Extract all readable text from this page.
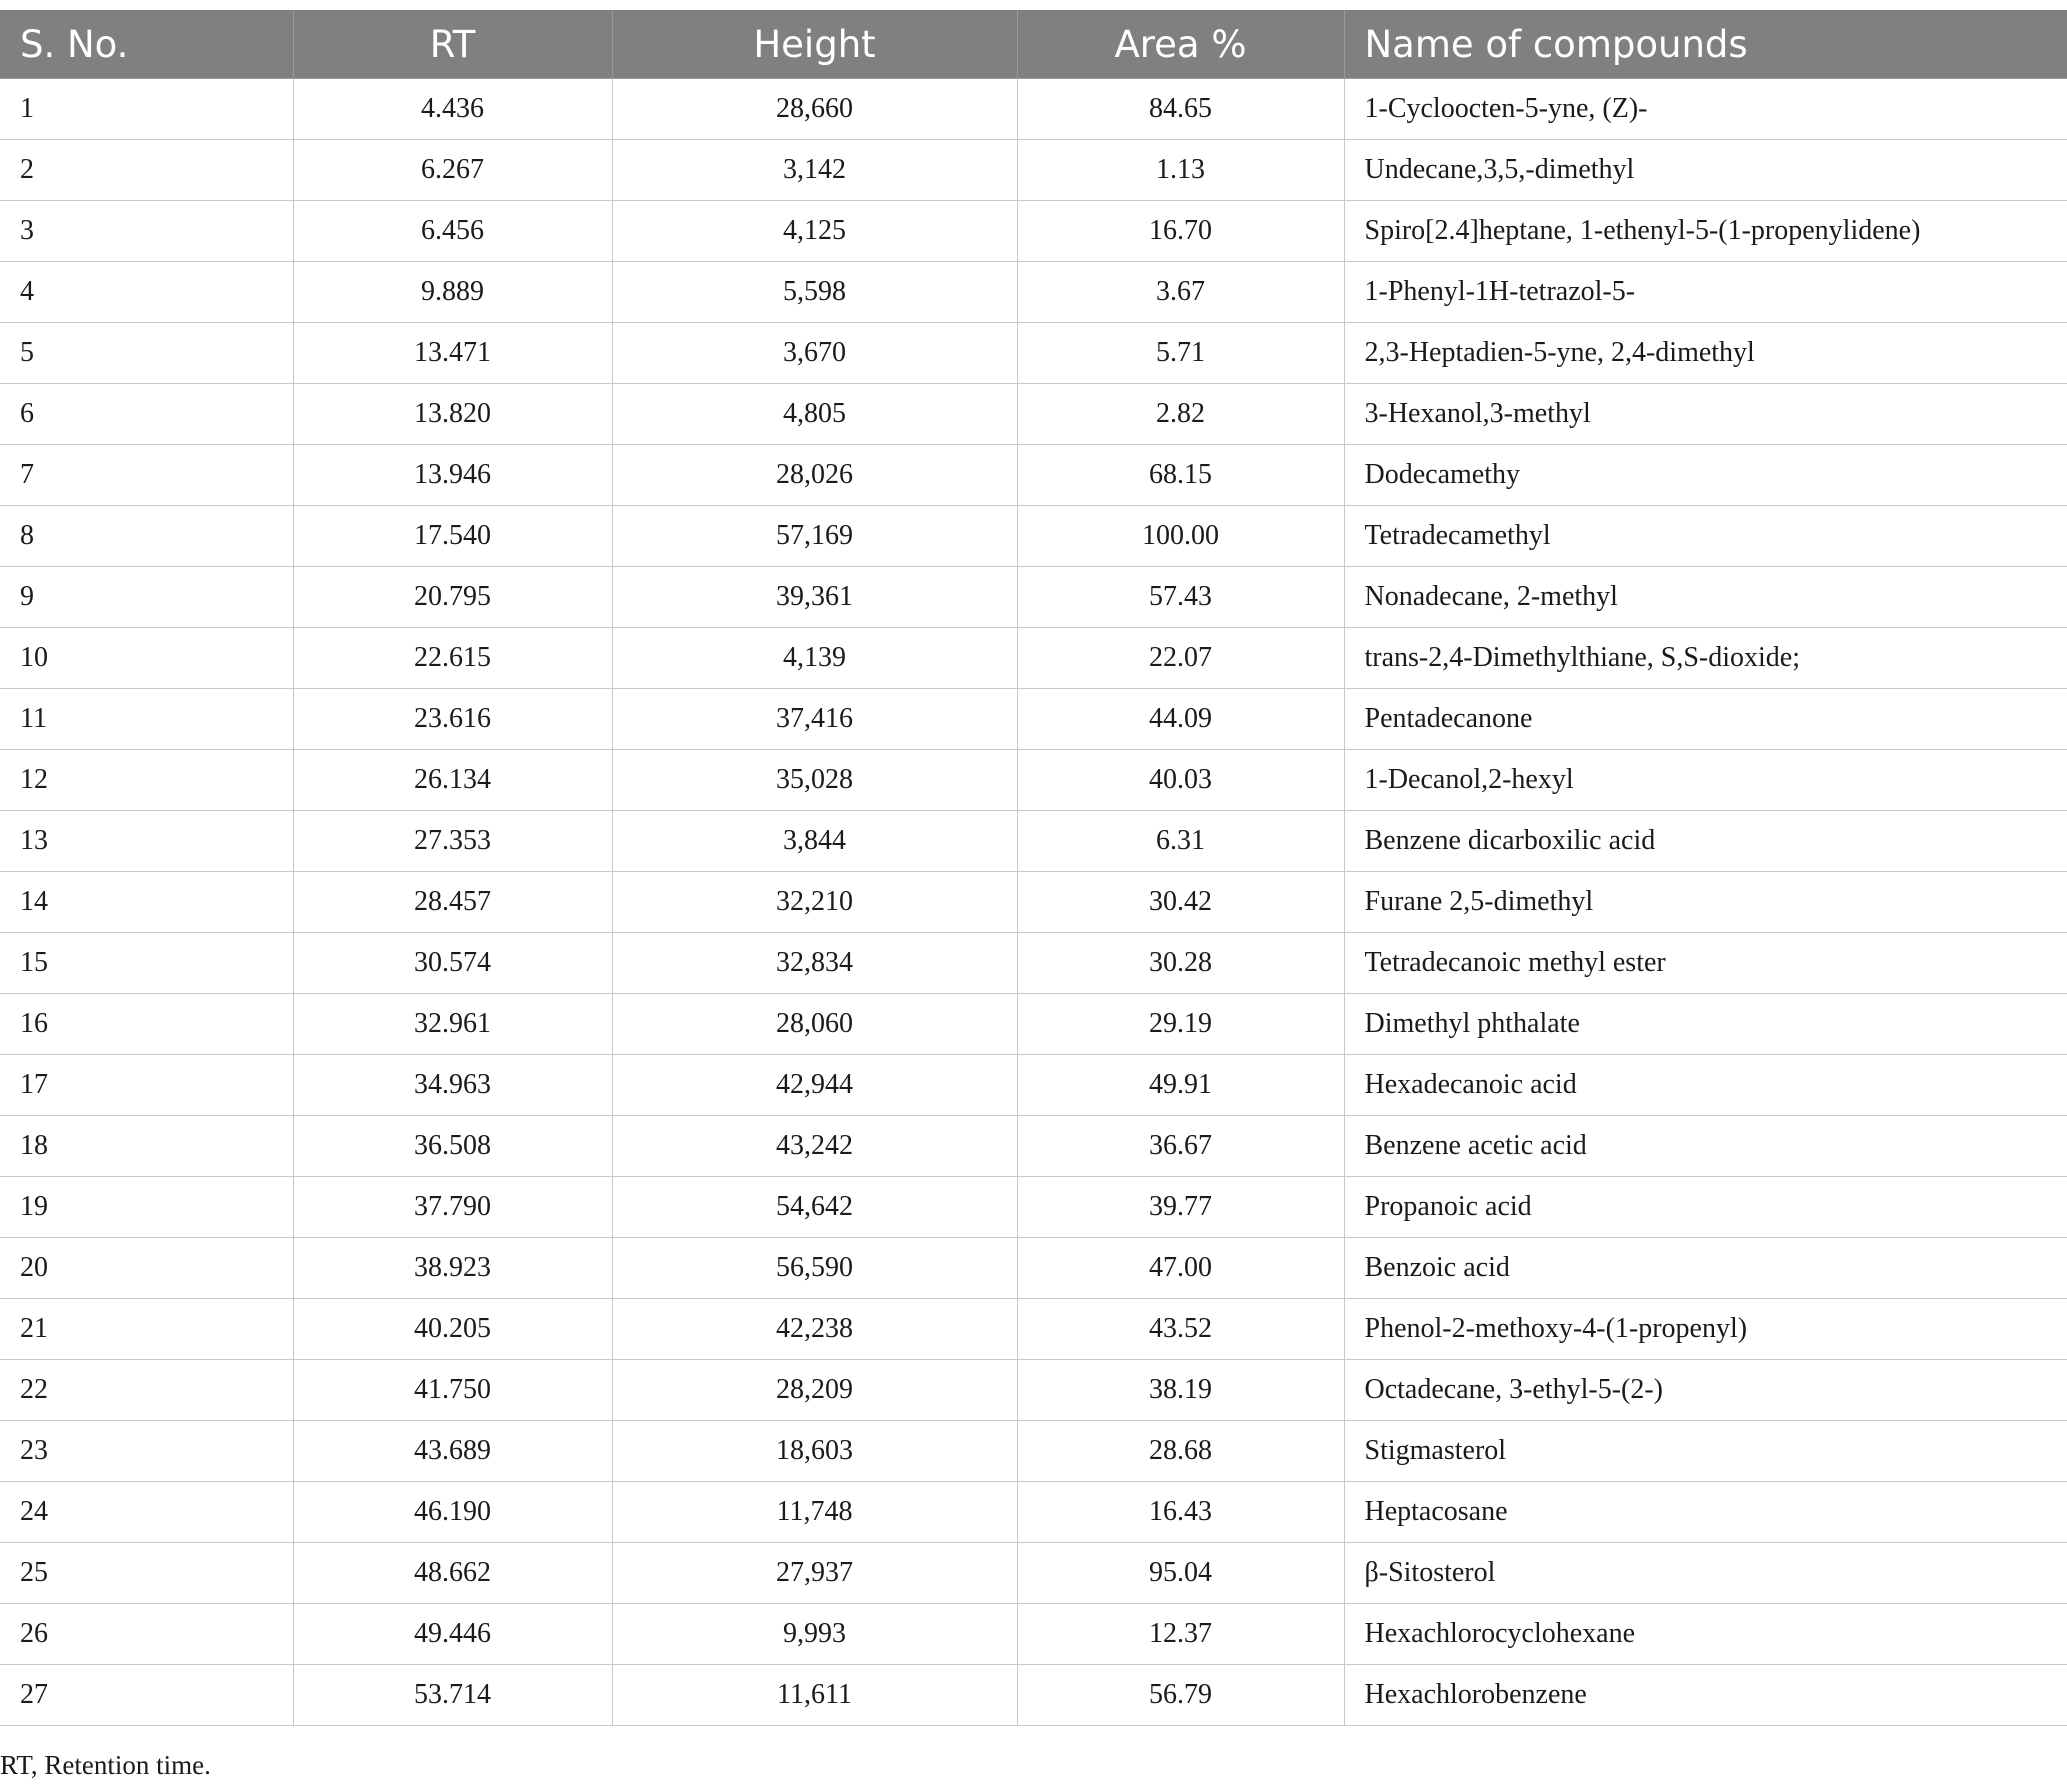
S. No.	RT	Height	Area %	Name of compounds
1	4.436	28,660	84.65	1-Cycloocten-5-yne, (Z)-
2	6.267	3,142	1.13	Undecane,3,5,-dimethyl
3	6.456	4,125	16.70	Spiro[2.4]heptane, 1-ethenyl-5-(1-propenylidene)
4	9.889	5,598	3.67	1-Phenyl-1H-tetrazol-5-
5	13.471	3,670	5.71	2,3-Heptadien-5-yne, 2,4-dimethyl
6	13.820	4,805	2.82	3-Hexanol,3-methyl
7	13.946	28,026	68.15	Dodecamethy
8	17.540	57,169	100.00	Tetradecamethyl
9	20.795	39,361	57.43	Nonadecane, 2-methyl
10	22.615	4,139	22.07	trans-2,4-Dimethylthiane, S,S-dioxide;
11	23.616	37,416	44.09	Pentadecanone
12	26.134	35,028	40.03	1-Decanol,2-hexyl
13	27.353	3,844	6.31	Benzene dicarboxilic acid
14	28.457	32,210	30.42	Furane 2,5-dimethyl
15	30.574	32,834	30.28	Tetradecanoic methyl ester
16	32.961	28,060	29.19	Dimethyl phthalate
17	34.963	42,944	49.91	Hexadecanoic acid
18	36.508	43,242	36.67	Benzene acetic acid
19	37.790	54,642	39.77	Propanoic acid
20	38.923	56,590	47.00	Benzoic acid
21	40.205	42,238	43.52	Phenol-2-methoxy-4-(1-propenyl)
22	41.750	28,209	38.19	Octadecane, 3-ethyl-5-(2-)
23	43.689	18,603	28.68	Stigmasterol
24	46.190	11,748	16.43	Heptacosane
25	48.662	27,937	95.04	β-Sitosterol
26	49.446	9,993	12.37	Hexachlorocyclohexane
27	53.714	11,611	56.79	Hexachlorobenzene
RT, Retention time.
